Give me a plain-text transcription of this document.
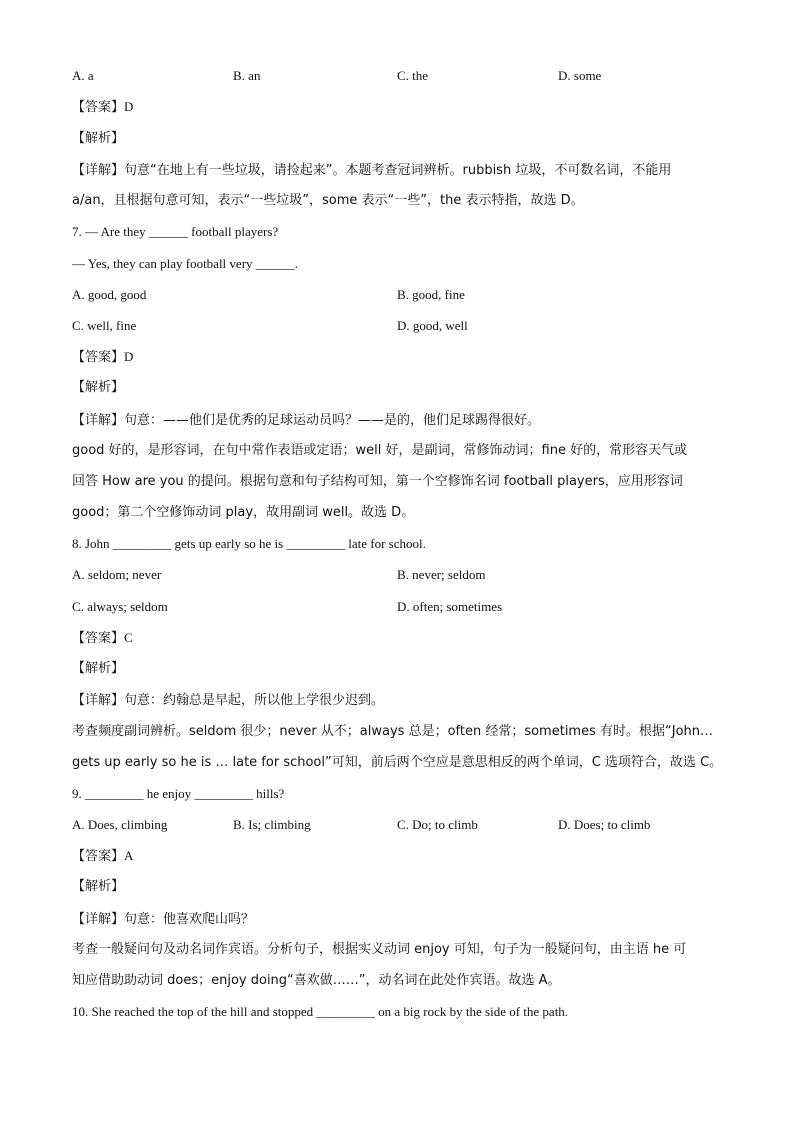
A. a	B. an	C. the	D. some
【答案】D
【解析】
【详解】句意“在地上有一些垃圾，请捡起来”。本题考查冠词辨析。rubbish 垃圾，不可数名词，不能用
a/an，且根据句意可知，表示“一些垃圾”，some 表示“一些”，the 表示特指，故选 D。
7. — Are they ______ football players?
— Yes, they can play football very ______.
A. good, good	B. good, fine
C. well, fine	D. good, well
【答案】D
【解析】
【详解】句意：——他们是优秀的足球运动员吗？——是的，他们足球踢得很好。
good 好的，是形容词，在句中常作表语或定语；well 好，是副词，常修饰动词；fine 好的，常形容天气或
回答 How are you 的提问。根据句意和句子结构可知，第一个空修饰名词 football players，应用形容词
good；第二个空修饰动词 play，故用副词 well。故选 D。
8. John _________ gets up early so he is _________ late for school.
A. seldom; never	B. never; seldom
C. always; seldom	D. often; sometimes
【答案】C
【解析】
【详解】句意：约翰总是早起，所以他上学很少迟到。
考查频度副词辨析。seldom 很少；never 从不；always 总是；often 经常；sometimes 有时。根据“John…
gets up early so he is … late for school”可知，前后两个空应是意思相反的两个单词，C 选项符合，故选 C。
9. _________ he enjoy _________ hills?
A. Does, climbing	B. Is; climbing	C. Do; to climb	D. Does; to climb
【答案】A
【解析】
【详解】句意：他喜欢爬山吗？
考查一般疑问句及动名词作宾语。分析句子，根据实义动词 enjoy 可知，句子为一般疑问句，由主语 he 可
知应借助助动词 does；enjoy doing“喜欢做……”，动名词在此处作宾语。故选 A。
10. She reached the top of the hill and stopped _________ on a big rock by the side of the path.
